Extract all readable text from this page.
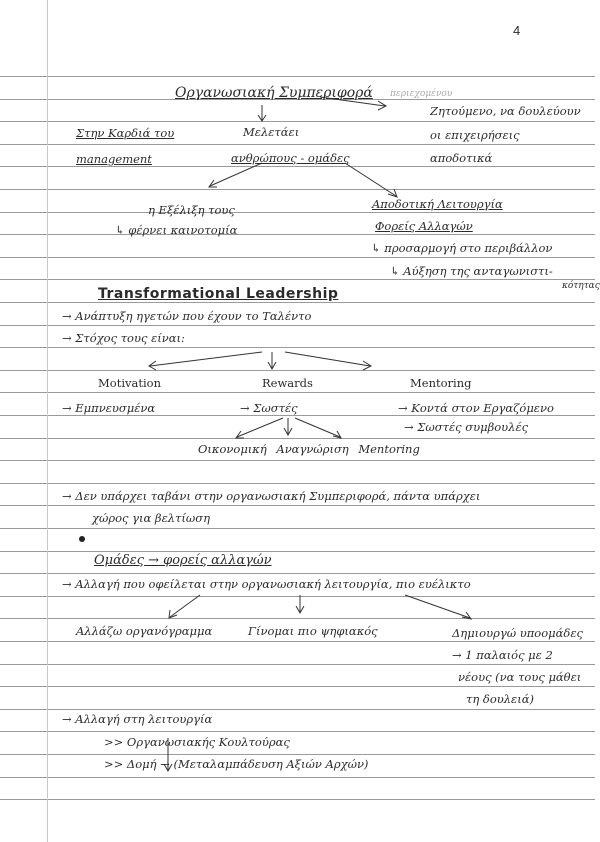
4
Οργανωσιακή Συμπεριφορά περιεχομένου
Στην Καρδιά του
management
Μελετάει
ανθρώπους - ομάδες
Ζητούμενο, να δουλεύουν
οι επιχειρήσεις
αποδοτικά
η Εξέλιξη τους
↳ φέρνει καινοτομία
Αποδοτική Λειτουργία
Φορείς Αλλαγών
↳ προσαρμογή στο περιβάλλον
↳ Αύξηση της ανταγωνιστι-
κότητας
Transformational Leadership
→ Ανάπτυξη ηγετών που έχουν το Ταλέντο
→ Στόχος τους είναι:
Motivation	Rewards	Mentoring
→ Εμπνευσμένα	→ Σωστές	→ Κοντά στον Εργαζόμενο
→ Σωστές συμβουλές
Οικονομική Αναγνώριση Mentoring
→ Δεν υπάρχει ταβάνι στην οργανωσιακή Συμπεριφορά, πάντα υπάρχει
χώρος για βελτίωση
Ομάδες → φορείς αλλαγών
→ Αλλαγή που οφείλεται στην οργανωσιακή λειτουργία, πιο ευέλικτο
Αλλάζω οργανόγραμμα	Γίνομαι πιο ψηφιακός	Δημιουργώ υποομάδες
→ 1 παλαιός με 2
νέους (να τους μάθει
τη δουλειά)
→ Αλλαγή στη λειτουργία
>> Οργανωσιακής Κουλτούρας
>> Δομή → (Μεταλαμπάδευση Αξιών Αρχών)
